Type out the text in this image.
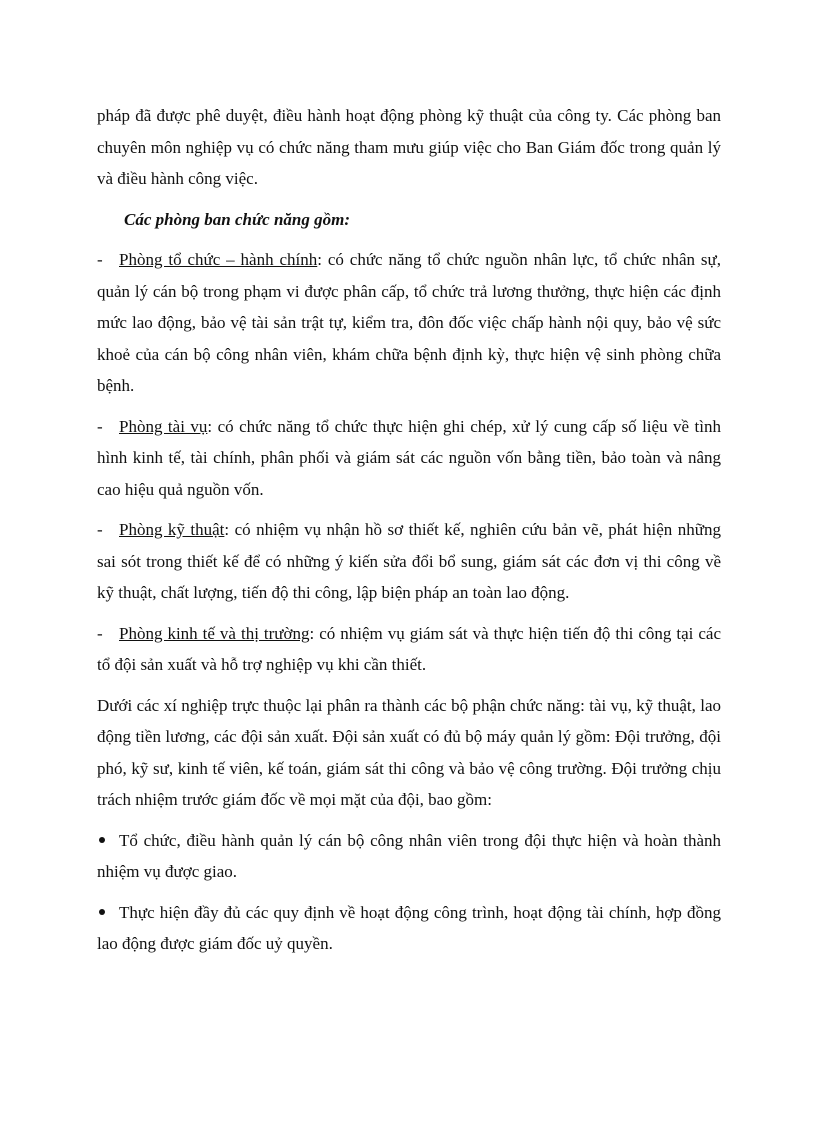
pháp đã được phê duyệt, điều hành hoạt động phòng kỹ thuật của công ty. Các phòng ban chuyên môn nghiệp vụ có chức năng tham mưu giúp việc cho Ban Giám đốc trong quản lý và điều hành công việc.

Các phòng ban chức năng gồm:

- Phòng tổ chức – hành chính: có chức năng tổ chức nguồn nhân lực, tổ chức nhân sự, quản lý cán bộ trong phạm vi được phân cấp, tổ chức trả lương thưởng, thực hiện các định mức lao động, bảo vệ tài sản trật tự, kiểm tra, đôn đốc việc chấp hành nội quy, bảo vệ sức khoẻ của cán bộ công nhân viên, khám chữa bệnh định kỳ, thực hiện vệ sinh phòng chữa bệnh.

- Phòng tài vụ: có chức năng tổ chức thực hiện ghi chép, xử lý cung cấp số liệu về tình hình kinh tế, tài chính, phân phối và giám sát các nguồn vốn bằng tiền, bảo toàn và nâng cao hiệu quả nguồn vốn.

- Phòng kỹ thuật: có nhiệm vụ nhận hồ sơ thiết kế, nghiên cứu bản vẽ, phát hiện những sai sót trong thiết kế để có những ý kiến sửa đổi bổ sung, giám sát các đơn vị thi công về kỹ thuật, chất lượng, tiến độ thi công, lập biện pháp an toàn lao động.

- Phòng kinh tế và thị trường: có nhiệm vụ giám sát và thực hiện tiến độ thi công tại các tổ đội sản xuất và hỗ trợ nghiệp vụ khi cần thiết.

Dưới các xí nghiệp trực thuộc lại phân ra thành các bộ phận chức năng: tài vụ, kỹ thuật, lao động tiền lương, các đội sản xuất. Đội sản xuất có đủ bộ máy quản lý gồm: Đội trưởng, đội phó, kỹ sư, kinh tế viên, kế toán, giám sát thi công và bảo vệ công trường. Đội trưởng chịu trách nhiệm trước giám đốc về mọi mặt của đội, bao gồm:

Tổ chức, điều hành quản lý cán bộ công nhân viên trong đội thực hiện và hoàn thành nhiệm vụ được giao.

Thực hiện đầy đủ các quy định về hoạt động công trình, hoạt động tài chính, hợp đồng lao động được giám đốc uỷ quyền.
